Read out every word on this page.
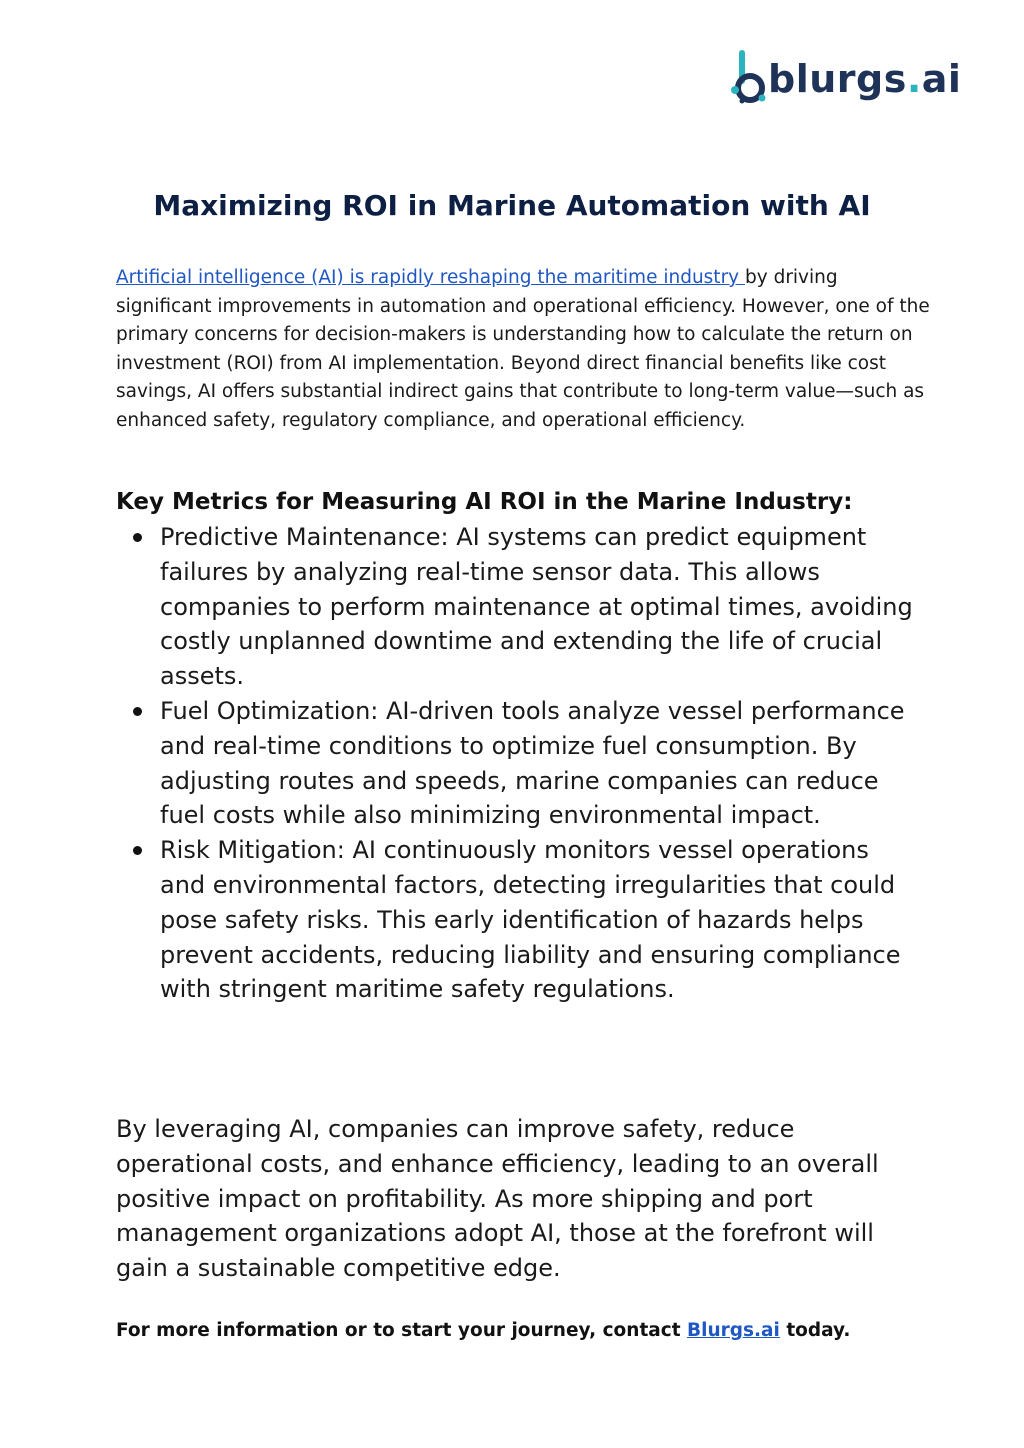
blurgs.ai
Maximizing ROI in Marine Automation with AI

Artificial intelligence (AI) is rapidly reshaping the maritime industry by driving significant improvements in automation and operational efficiency. However, one of the primary concerns for decision-makers is understanding how to calculate the return on investment (ROI) from AI implementation. Beyond direct financial benefits like cost savings, AI offers substantial indirect gains that contribute to long-term value—such as enhanced safety, regulatory compliance, and operational efficiency.

Key Metrics for Measuring AI ROI in the Marine Industry:
Predictive Maintenance: AI systems can predict equipment failures by analyzing real-time sensor data. This allows companies to perform maintenance at optimal times, avoiding costly unplanned downtime and extending the life of crucial assets.
Fuel Optimization: AI-driven tools analyze vessel performance and real-time conditions to optimize fuel consumption. By adjusting routes and speeds, marine companies can reduce fuel costs while also minimizing environmental impact.
Risk Mitigation: AI continuously monitors vessel operations and environmental factors, detecting irregularities that could pose safety risks. This early identification of hazards helps prevent accidents, reducing liability and ensuring compliance with stringent maritime safety regulations.

By leveraging AI, companies can improve safety, reduce operational costs, and enhance efficiency, leading to an overall positive impact on profitability. As more shipping and port management organizations adopt AI, those at the forefront will gain a sustainable competitive edge.

For more information or to start your journey, contact Blurgs.ai today.
